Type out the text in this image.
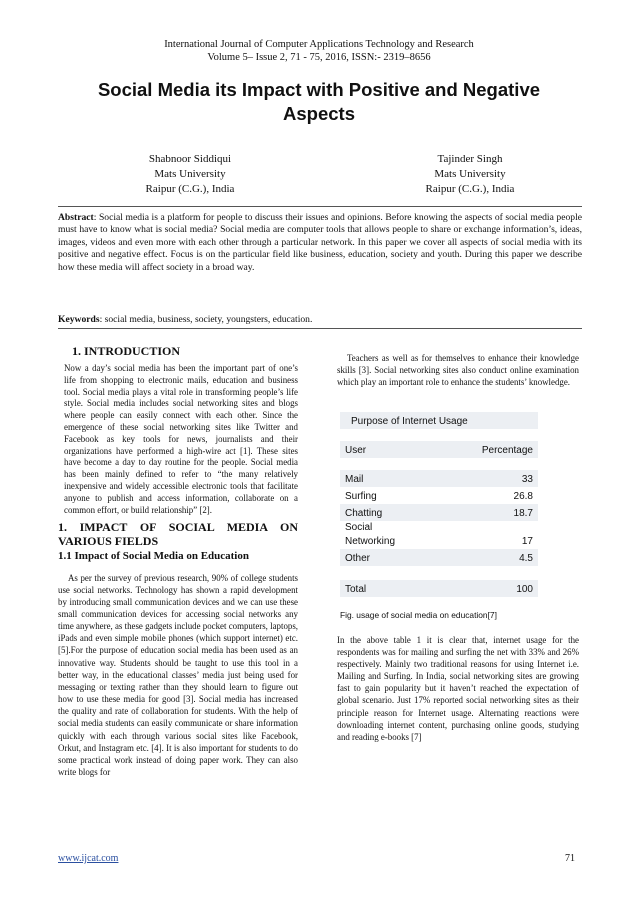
International Journal of Computer Applications Technology and Research
Volume 5– Issue 2, 71 - 75, 2016, ISSN:- 2319–8656
Social Media its Impact with Positive and Negative Aspects
Shabnoor Siddiqui
Mats University
Raipur (C.G.), India
Tajinder Singh
Mats University
Raipur (C.G.), India
Abstract: Social media is a platform for people to discuss their issues and opinions. Before knowing the aspects of social media people must have to know what is social media? Social media are computer tools that allows people to share or exchange information’s, ideas, images, videos and even more with each other through a particular network. In this paper we cover all aspects of social media with its positive and negative effect. Focus is on the particular field like business, education, society and youth. During this paper we describe how these media will affect society in a broad way.
Keywords: social media, business, society, youngsters, education.
1. INTRODUCTION

Now a day’s social media has been the important part of one’s life from shopping to electronic mails, education and business tool. Social media plays a vital role in transforming people’s life style. Social media includes social networking sites and blogs where people can easily connect with each other. Since the emergence of these social networking sites like Twitter and Facebook as key tools for news, journalists and their organizations have performed a high-wire act [1]. These sites have become a day to day routine for the people. Social media has been mainly defined to refer to “the many relatively inexpensive and widely accessible electronic tools that facilitate anyone to publish and access information, collaborate on a common effort, or build relationship” [2].

1. IMPACT OF SOCIAL MEDIA ON VARIOUS FIELDS
1.1 Impact of Social Media on Education

As per the survey of previous research, 90% of college students use social networks. Technology has shown a rapid development by introducing small communication devices and we can use these small communication devices for accessing social networks any time anywhere, as these gadgets include pocket computers, laptops, iPads and even simple mobile phones (which support internet) etc.[5].For the purpose of education social media has been used as an innovative way. Students should be taught to use this tool in a better way, in the educational classes’ media just being used for messaging or texting rather than they should learn to figure out how to use these media for good [3]. Social media has increased the quality and rate of collaboration for students. With the help of social media students can easily communicate or share information quickly with each through various social sites like Facebook, Orkut, and Instagram etc. [4]. It is also important for students to do some practical work instead of doing paper work. They can also write blogs for

Teachers as well as for themselves to enhance their knowledge skills [3]. Social networking sites also conduct online examination which play an important role to enhance the students’ knowledge.

Purpose of Internet Usage
User	Percentage
Mail	33
Surfing	26.8
Chatting	18.7
Social
Networking	17
Other	4.5
Total	100
Fig. usage of social media on education[7]

In the above table 1 it is clear that, internet usage for the respondents was for mailing and surfing the net with 33% and 26% respectively. Mainly two traditional reasons for using Internet i.e. Mailing and Surfing. In India, social networking sites are growing fast to gain popularity but it haven’t reached the expectation of global scenario. Just 17% reported social networking sites as their principle reason for Internet usage. Alternating reactions were downloading internet content, purchasing online goods, studying and reading e-books [7]

www.ijcat.com	71
